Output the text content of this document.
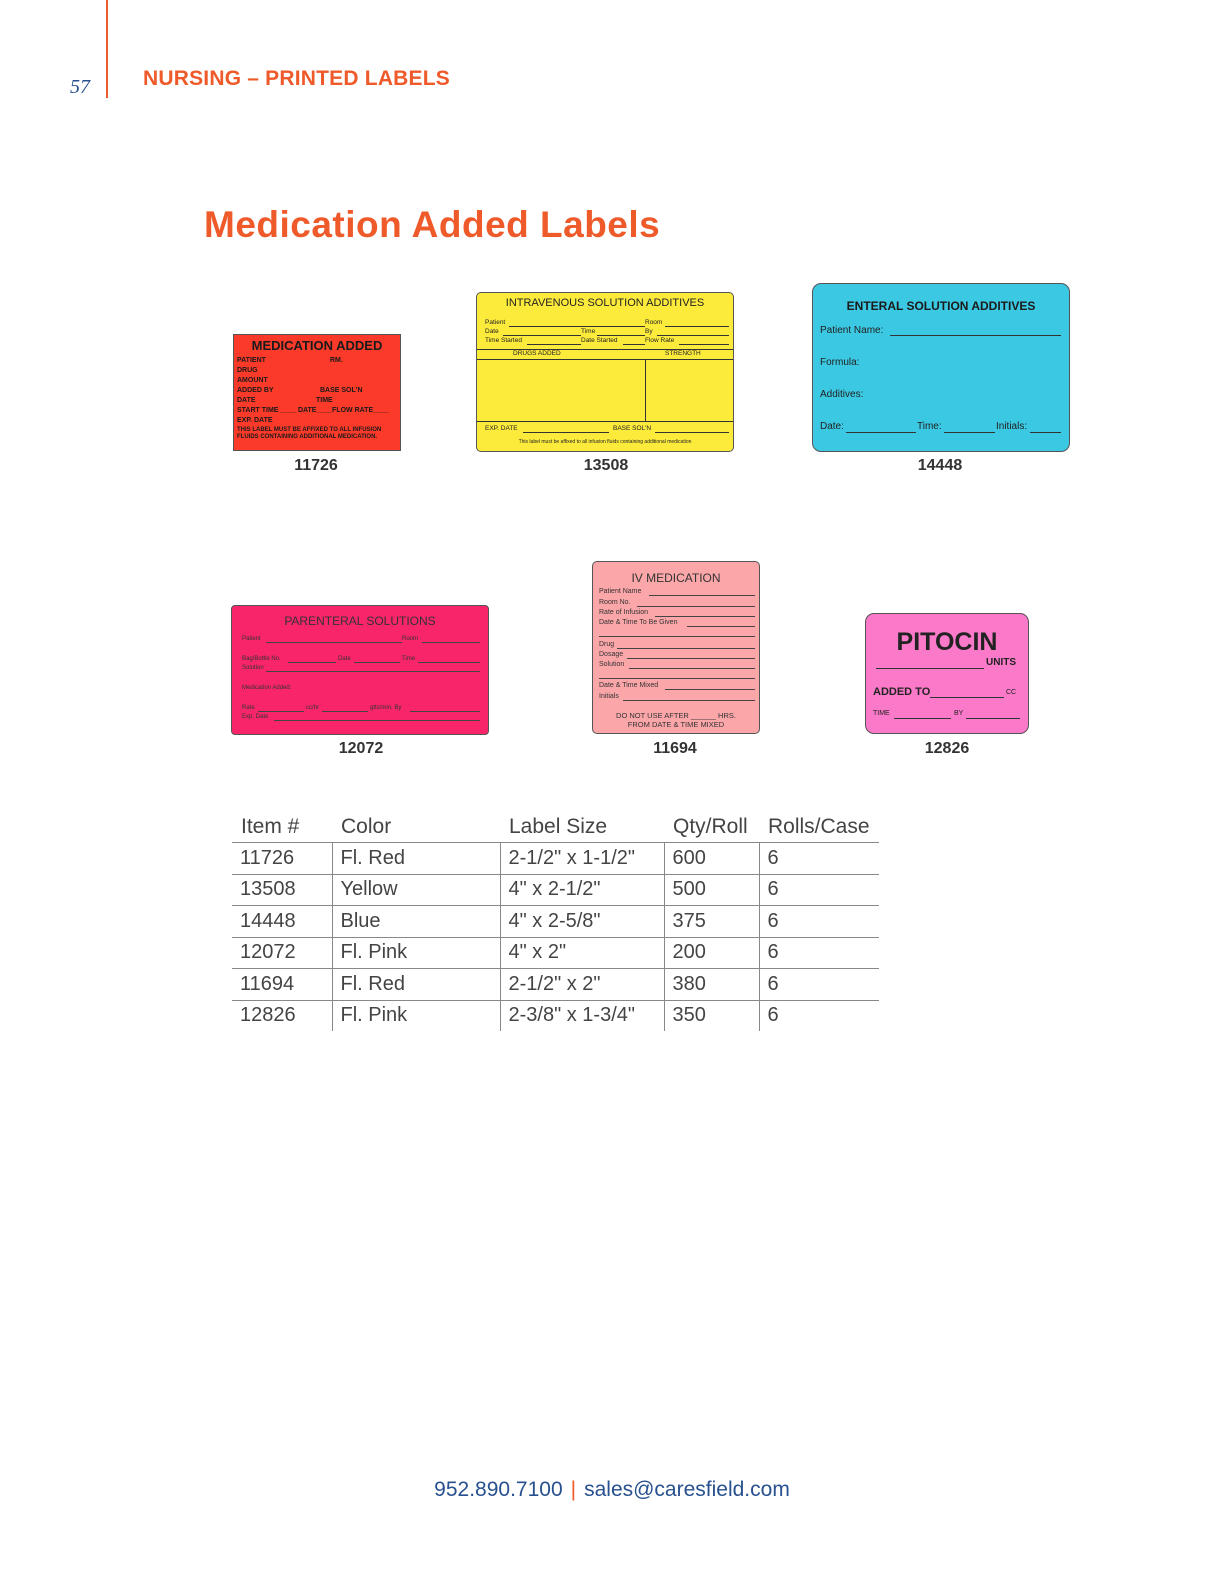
57	NURSING – PRINTED LABELS
Medication Added Labels
MEDICATION ADDED
PATIENT	RM.
DRUG
AMOUNT
ADDED BY	BASE SOL'N
DATE	TIME
START TIME ____ DATE____FLOW RATE____
EXP. DATE
THIS LABEL MUST BE AFFIXED TO ALL INFUSION
FLUIDS CONTAINING ADDITIONAL MEDICATION.
11726
INTRAVENOUS SOLUTION ADDITIVES
Patient	Room
Date	Time	By
Time Started	Date Started	Flow Rate
DRUGS ADDED	STRENGTH
EXP. DATE	BASE SOL'N
This label must be affixed to all infusion fluids containing additional medication
13508
ENTERAL SOLUTION ADDITIVES
Patient Name:
Formula:
Additives:
Date:	Time:	Initials:
14448
PARENTERAL SOLUTIONS
Patient	Room
Bag/Bottle No.	Date	Time
Solution
Medication Added:
Rate	cc/hr	gtts/min. By
Exp. Date
12072
IV MEDICATION
Patient Name
Room No.
Rate of Infusion
Date & Time To Be Given
Drug
Dosage
Solution
Date & Time Mixed
Initials
DO NOT USE AFTER ______ HRS.
FROM DATE & TIME MIXED
11694
PITOCIN
UNITS
ADDED TO	CC
TIME	BY
12826
Item #	Color	Label Size	Qty/Roll	Rolls/Case
11726	Fl. Red	2-1/2" x 1-1/2"	600	6
13508	Yellow	4" x 2-1/2"	500	6
14448	Blue	4" x 2-5/8"	375	6
12072	Fl. Pink	4" x 2"	200	6
11694	Fl. Red	2-1/2" x 2"	380	6
12826	Fl. Pink	2-3/8" x 1-3/4"	350	6
952.890.7100 | sales@caresfield.com
